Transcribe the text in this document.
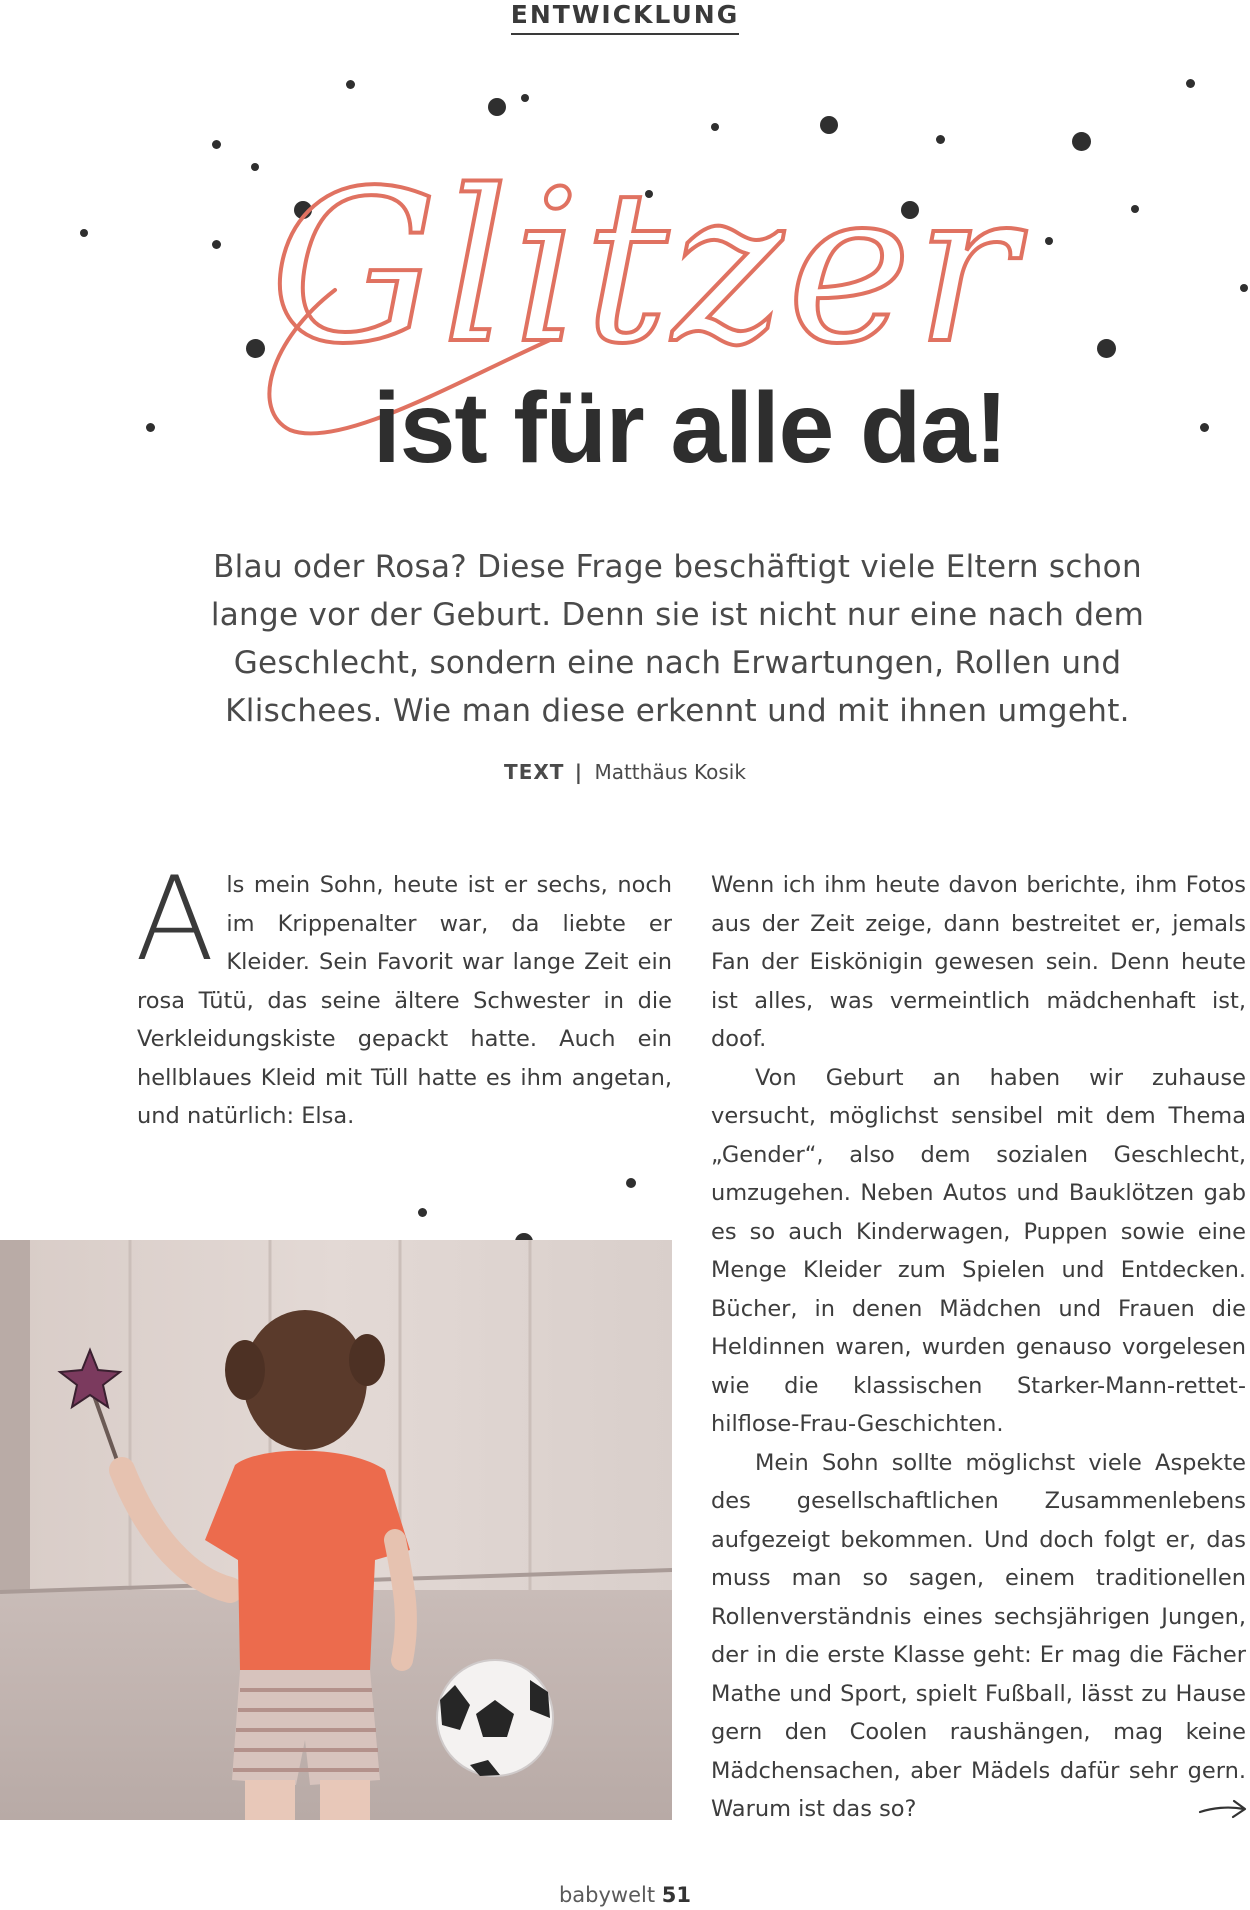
ENTWICKLUNG
Glitzer
ist für alle da!
Blau oder Rosa? Diese Frage beschäftigt viele Eltern schon lange vor der Geburt. Denn sie ist nicht nur eine nach dem Geschlecht, sondern eine nach Erwartungen, Rollen und Klischees. Wie man diese erkennt und mit ihnen umgeht.
TEXT | Matthäus Kosik

A ls mein Sohn, heute ist er sechs, noch im Krippenalter war, da liebte er Kleider. Sein Favorit war lange Zeit ein rosa Tütü, das seine ältere Schwester in die Verkleidungskiste gepackt hatte. Auch ein hellblaues Kleid mit Tüll hatte es ihm angetan, und natürlich: Elsa.

Wenn ich ihm heute davon berichte, ihm Fotos aus der Zeit zeige, dann bestreitet er, jemals Fan der Eiskönigin gewesen sein. Denn heute ist alles, was vermeintlich mädchenhaft ist, doof.

Von Geburt an haben wir zuhause versucht, möglichst sensibel mit dem Thema „Gender“, also dem sozialen Geschlecht, umzugehen. Neben Autos und Bauklötzen gab es so auch Kinderwagen, Puppen sowie eine Menge Kleider zum Spielen und Entdecken. Bücher, in denen Mädchen und Frauen die Heldinnen waren, wurden genauso vorgelesen wie die klassischen Starker-Mann-rettet-hilflose-Frau-Geschichten.

Mein Sohn sollte möglichst viele Aspekte des gesellschaftlichen Zusammenlebens aufgezeigt bekommen. Und doch folgt er, das muss man so sagen, einem traditionellen Rollenverständnis eines sechsjährigen Jungen, der in die erste Klasse geht: Er mag die Fächer Mathe und Sport, spielt Fußball, lässt zu Hause gern den Coolen raushängen, mag keine Mädchensachen, aber Mädels dafür sehr gern. Warum ist das so?

babywelt 51
